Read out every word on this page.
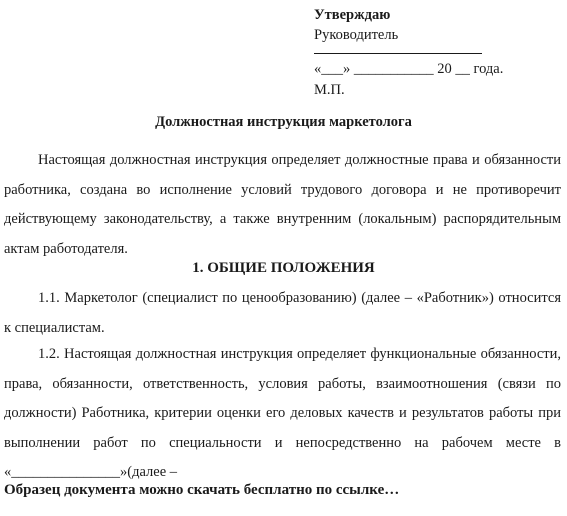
Утверждаю
Руководитель
«___» ___________ 20 __ года.
М.П.
Должностная инструкция маркетолога

Настоящая должностная инструкция определяет должностные права и обязанности работника, создана во исполнение условий трудового договора и не противоречит действующему законодательству, а также внутренним (локальным) распорядительным актам работодателя.

1. ОБЩИЕ ПОЛОЖЕНИЯ

1.1. Маркетолог (специалист по ценообразованию) (далее – «Работник») относится к специалистам.

1.2. Настоящая должностная инструкция определяет функциональные обязанности, права, обязанности, ответственность, условия работы, взаимоотношения (связи по должности) Работника, критерии оценки его деловых качеств и результатов работы при выполнении работ по специальности и непосредственно на рабочем месте в «_______________»(далее –

Образец документа можно скачать бесплатно по ссылке…
